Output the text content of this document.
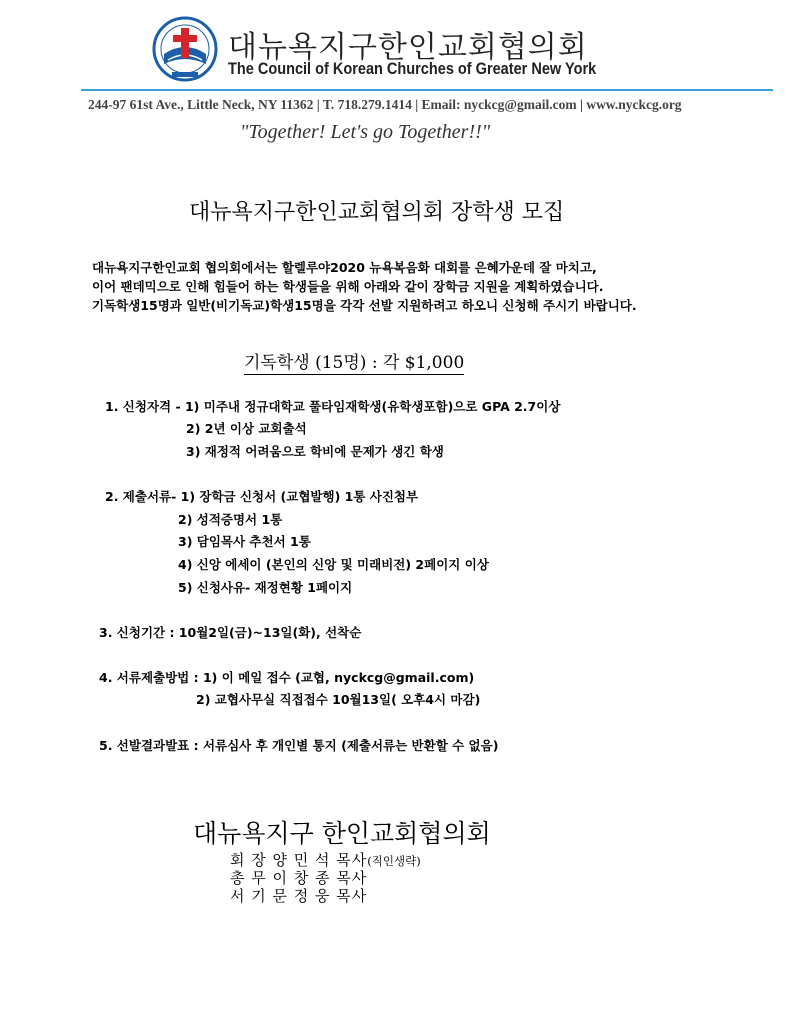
대뉴욕지구한인교회협의회
The Council of Korean Churches of Greater New York
244-97 61st Ave., Little Neck, NY 11362 | T. 718.279.1414 | Email: nyckcg@gmail.com | www.nyckcg.org
"Together! Let's go Together!!"
대뉴욕지구한인교회협의회 장학생 모집
대뉴욕지구한인교회 협의회에서는 할렐루야2020 뉴욕복음화 대회를 은혜가운데 잘 마치고,
이어 팬데믹으로 인해 힘들어 하는 학생들을 위해 아래와 같이 장학금 지원을 계획하였습니다.
기독학생15명과 일반(비기독교)학생15명을 각각 선발 지원하려고 하오니 신청해 주시기 바랍니다.
기독학생 (15명) : 각 $1,000
1. 신청자격 - 1) 미주내 정규대학교 풀타임재학생(유학생포함)으로 GPA 2.7이상
2) 2년 이상 교회출석
3) 재정적 어려움으로 학비에 문제가 생긴 학생
2. 제출서류- 1) 장학금 신청서 (교협발행) 1통 사진첨부
2) 성적증명서 1통
3) 담임목사 추천서 1통
4) 신앙 에세이 (본인의 신앙 및 미래비전) 2페이지 이상
5) 신청사유- 재정현황 1페이지
3. 신청기간 : 10월2일(금)~13일(화), 선착순
4. 서류제출방법 : 1) 이 메일 접수 (교협, nyckcg@gmail.com)
2) 교협사무실 직접접수 10월13일( 오후4시 마감)
5. 선발결과발표 : 서류심사 후 개인별 통지 (제출서류는 반환할 수 없음)
대뉴욕지구 한인교회협의회
회 장 양 민 석 목사(직인생략)
총 무 이 창 종 목사
서 기 문 정 웅 목사
